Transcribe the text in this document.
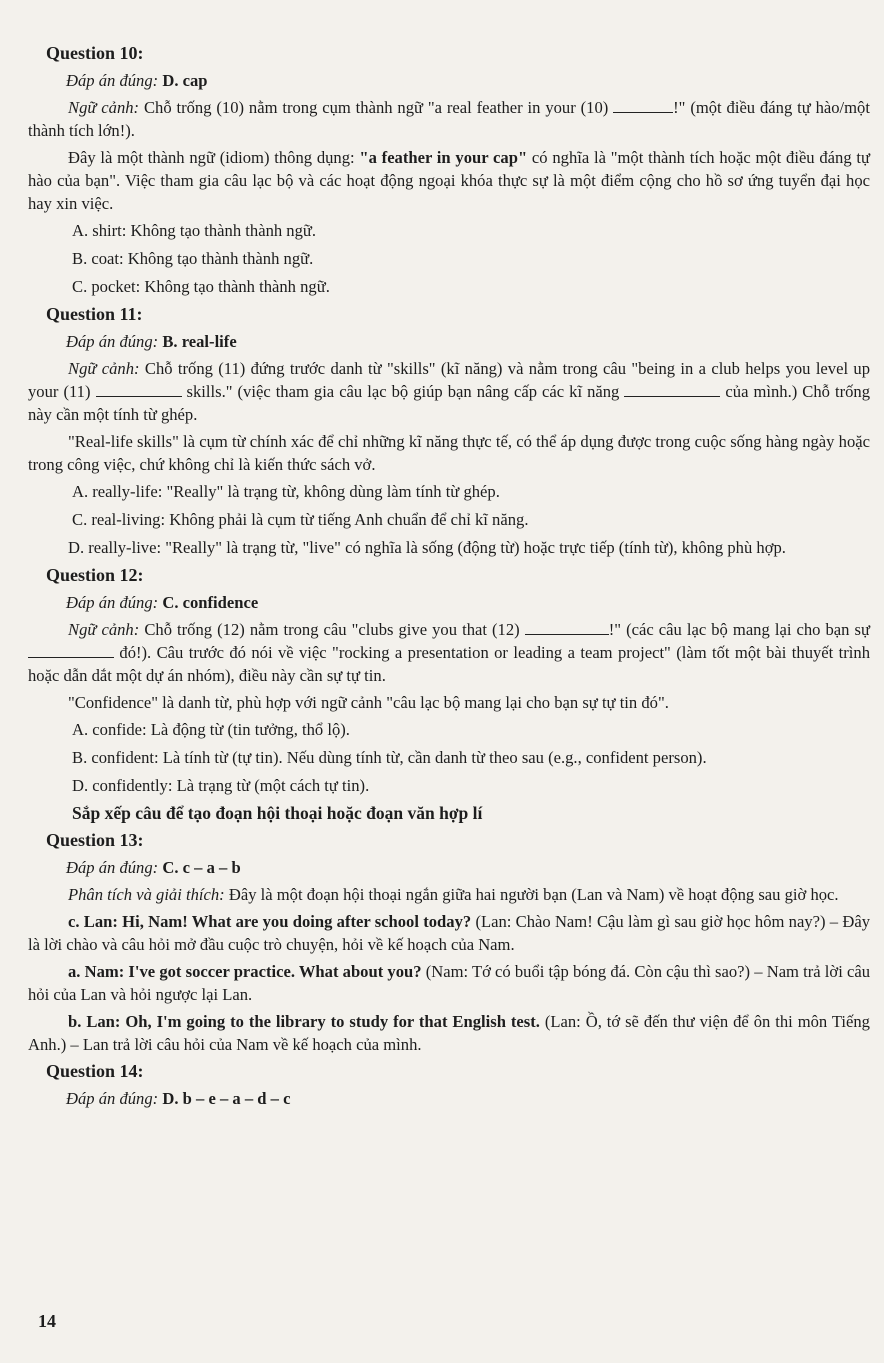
Question 10:
Đáp án đúng: D. cap
Ngữ cảnh: Chỗ trống (10) nằm trong cụm thành ngữ "a real feather in your (10)	!" (một điều đáng tự hào/một thành tích lớn!).
Đây là một thành ngữ (idiom) thông dụng: "a feather in your cap" có nghĩa là "một thành tích hoặc một điều đáng tự hào của bạn". Việc tham gia câu lạc bộ và các hoạt động ngoại khóa thực sự là một điểm cộng cho hồ sơ ứng tuyển đại học hay xin việc.
A. shirt: Không tạo thành thành ngữ.
B. coat: Không tạo thành thành ngữ.
C. pocket: Không tạo thành thành ngữ.
Question 11:
Đáp án đúng: B. real-life
Ngữ cảnh: Chỗ trống (11) đứng trước danh từ "skills" (kĩ năng) và nằm trong câu "being in a club helps you level up your (11)	skills." (việc tham gia câu lạc bộ giúp bạn nâng cấp các kĩ năng	của mình.) Chỗ trống này cần một tính từ ghép.
"Real-life skills" là cụm từ chính xác để chỉ những kĩ năng thực tế, có thể áp dụng được trong cuộc sống hàng ngày hoặc trong công việc, chứ không chỉ là kiến thức sách vở.
A. really-life: "Really" là trạng từ, không dùng làm tính từ ghép.
C. real-living: Không phải là cụm từ tiếng Anh chuẩn để chỉ kĩ năng.
D. really-live: "Really" là trạng từ, "live" có nghĩa là sống (động từ) hoặc trực tiếp (tính từ), không phù hợp.
Question 12:
Đáp án đúng: C. confidence
Ngữ cảnh: Chỗ trống (12) nằm trong câu "clubs give you that (12)	!" (các câu lạc bộ mang lại cho bạn sự  đó!). Câu trước đó nói về việc "rocking a presentation or leading a team project" (làm tốt một bài thuyết trình hoặc dẫn dắt một dự án nhóm), điều này cần sự tự tin.
"Confidence" là danh từ, phù hợp với ngữ cảnh "câu lạc bộ mang lại cho bạn sự tự tin đó".
A. confide: Là động từ (tin tưởng, thổ lộ).
B. confident: Là tính từ (tự tin). Nếu dùng tính từ, cần danh từ theo sau (e.g., confident person).
D. confidently: Là trạng từ (một cách tự tin).
Sắp xếp câu để tạo đoạn hội thoại hoặc đoạn văn hợp lí
Question 13:
Đáp án đúng: C. c – a – b
Phân tích và giải thích: Đây là một đoạn hội thoại ngắn giữa hai người bạn (Lan và Nam) về hoạt động sau giờ học.
c. Lan: Hi, Nam! What are you doing after school today? (Lan: Chào Nam! Cậu làm gì sau giờ học hôm nay?) – Đây là lời chào và câu hỏi mở đầu cuộc trò chuyện, hỏi về kế hoạch của Nam.
a. Nam: I've got soccer practice. What about you? (Nam: Tớ có buổi tập bóng đá. Còn cậu thì sao?) – Nam trả lời câu hỏi của Lan và hỏi ngược lại Lan.
b. Lan: Oh, I'm going to the library to study for that English test. (Lan: Ồ, tớ sẽ đến thư viện để ôn thi môn Tiếng Anh.) – Lan trả lời câu hỏi của Nam về kế hoạch của mình.
Question 14:
Đáp án đúng: D. b – e – a – d – c
14
